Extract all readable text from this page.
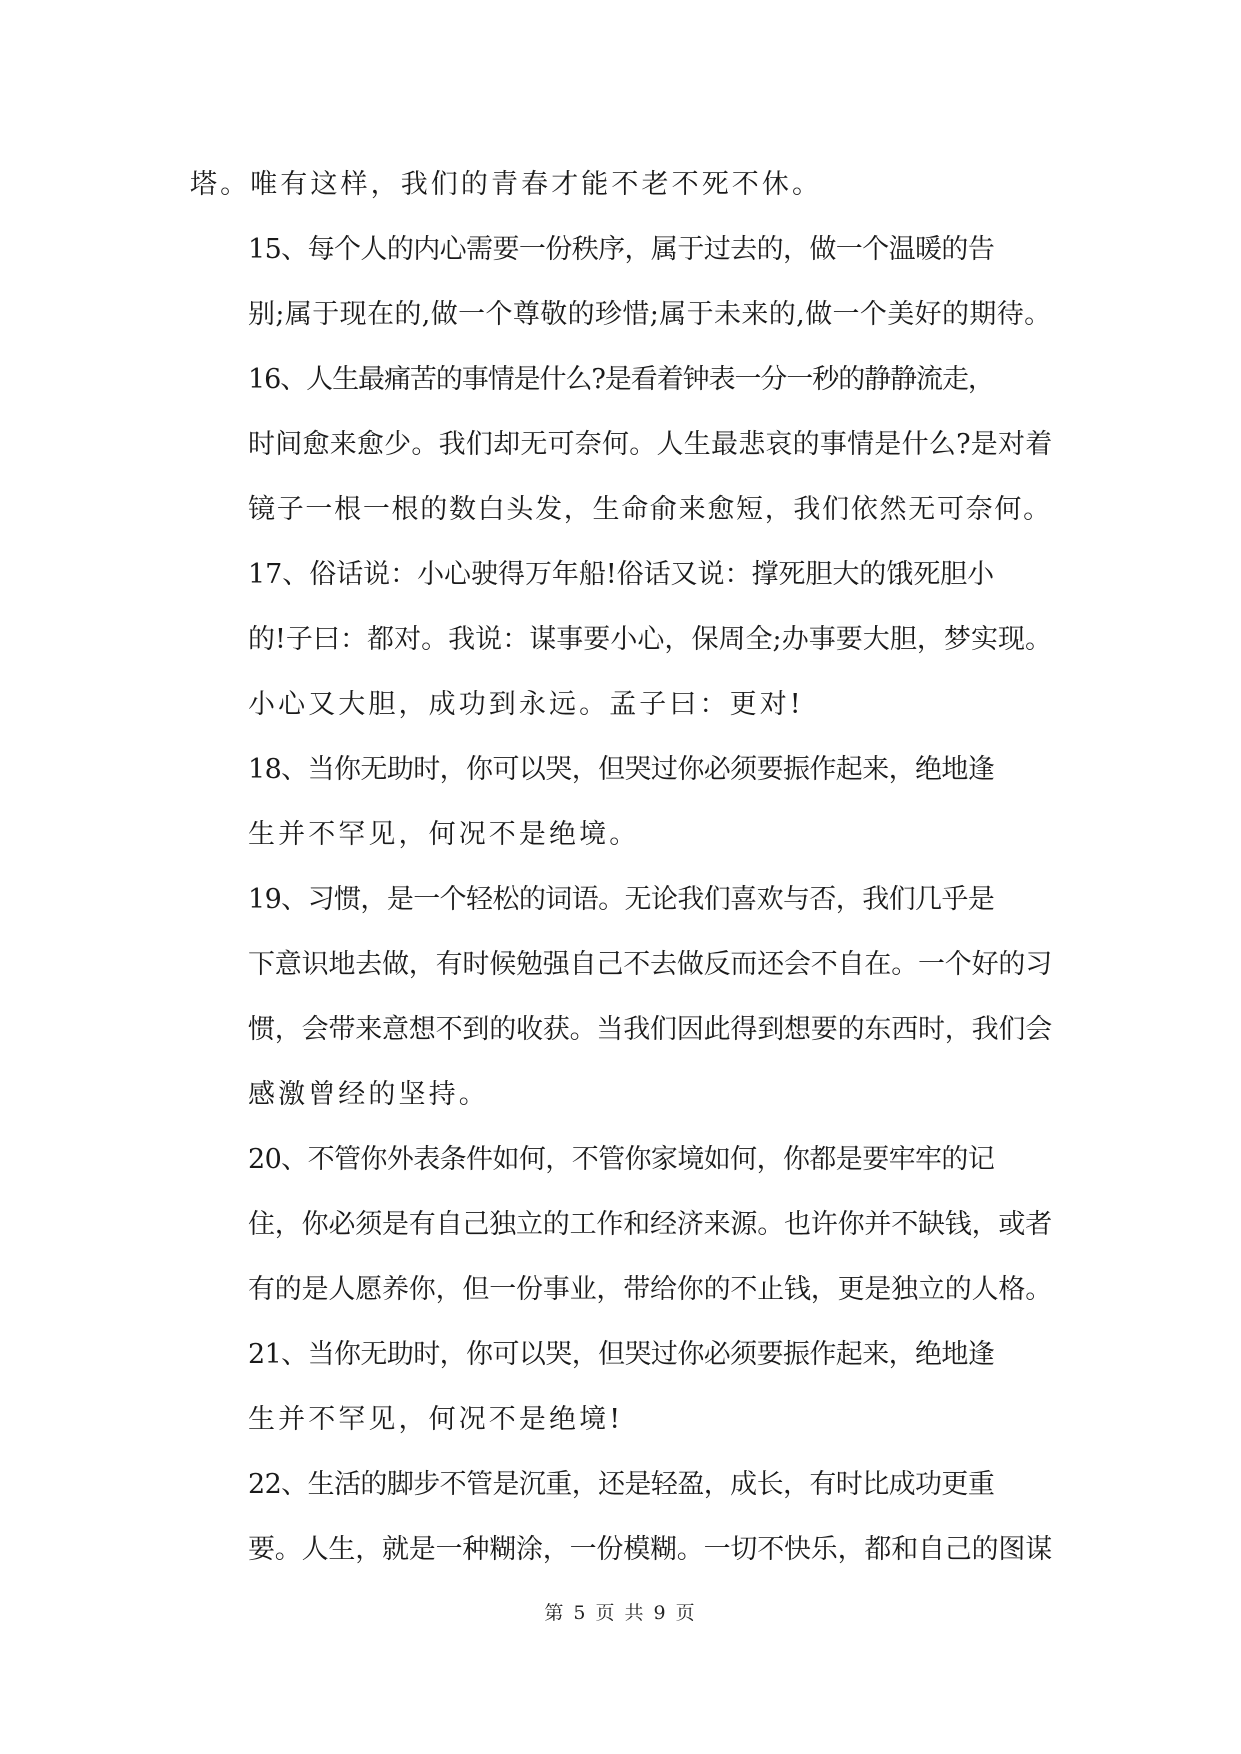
塔。唯有这样，我们的青春才能不老不死不休。
15、每个人的内心需要一份秩序，属于过去的，做一个温暖的告
别;属于现在的,做一个尊敬的珍惜;属于未来的,做一个美好的期待。
16、人生最痛苦的事情是什么?是看着钟表一分一秒的静静流走，
时间愈来愈少。我们却无可奈何。人生最悲哀的事情是什么?是对着
镜子一根一根的数白头发，生命俞来愈短，我们依然无可奈何。
17、俗话说：小心驶得万年船!俗话又说：撑死胆大的饿死胆小
的!子曰：都对。我说：谋事要小心，保周全;办事要大胆，梦实现。
小心又大胆，成功到永远。孟子曰：更对!
18、当你无助时，你可以哭，但哭过你必须要振作起来，绝地逢
生并不罕见，何况不是绝境。
19、习惯，是一个轻松的词语。无论我们喜欢与否，我们几乎是
下意识地去做，有时候勉强自己不去做反而还会不自在。一个好的习
惯，会带来意想不到的收获。当我们因此得到想要的东西时，我们会
感激曾经的坚持。
20、不管你外表条件如何，不管你家境如何，你都是要牢牢的记
住，你必须是有自己独立的工作和经济来源。也许你并不缺钱，或者
有的是人愿养你，但一份事业，带给你的不止钱，更是独立的人格。
21、当你无助时，你可以哭，但哭过你必须要振作起来，绝地逢
生并不罕见，何况不是绝境!
22、生活的脚步不管是沉重，还是轻盈，成长，有时比成功更重
要。人生，就是一种糊涂，一份模糊。一切不快乐，都和自己的图谋
第 5 页 共 9 页
